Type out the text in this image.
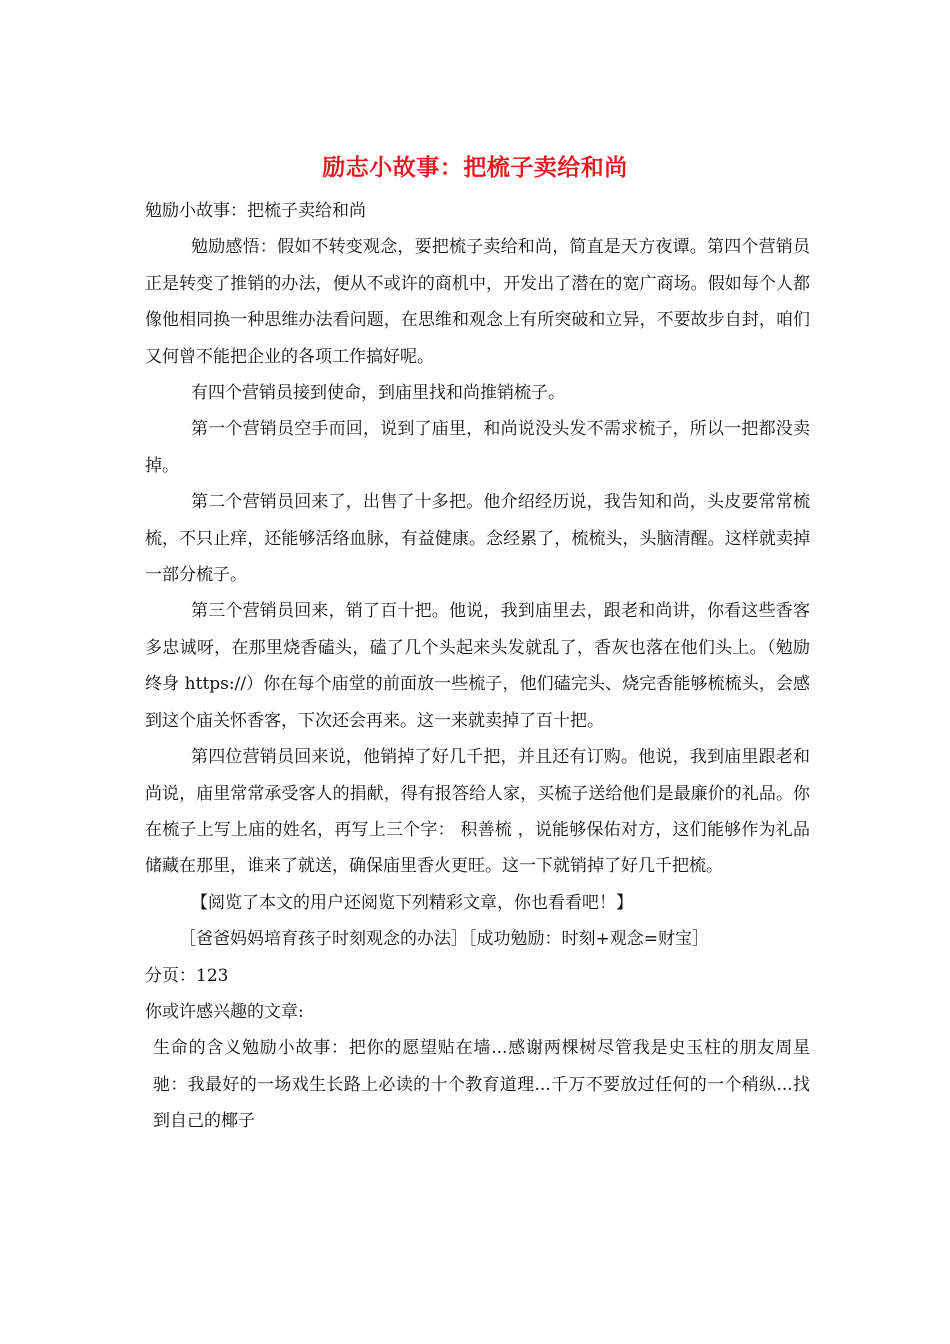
励志小故事：把梳子卖给和尚

勉励小故事：把梳子卖给和尚

勉励感悟：假如不转变观念，要把梳子卖给和尚，简直是天方夜谭。第四个营销员正是转变了推销的办法，便从不或许的商机中，开发出了潜在的宽广商场。假如每个人都像他相同换一种思维办法看问题，在思维和观念上有所突破和立异，不要故步自封，咱们又何曾不能把企业的各项工作搞好呢。

有四个营销员接到使命，到庙里找和尚推销梳子。

第一个营销员空手而回，说到了庙里，和尚说没头发不需求梳子，所以一把都没卖掉。

第二个营销员回来了，出售了十多把。他介绍经历说，我告知和尚，头皮要常常梳梳，不只止痒，还能够活络血脉，有益健康。念经累了，梳梳头，头脑清醒。这样就卖掉一部分梳子。

第三个营销员回来，销了百十把。他说，我到庙里去，跟老和尚讲，你看这些香客多忠诚呀，在那里烧香磕头，磕了几个头起来头发就乱了，香灰也落在他们头上。（勉励终身 https://）你在每个庙堂的前面放一些梳子，他们磕完头、烧完香能够梳梳头，会感到这个庙关怀香客，下次还会再来。这一来就卖掉了百十把。

第四位营销员回来说，他销掉了好几千把，并且还有订购。他说，我到庙里跟老和尚说，庙里常常承受客人的捐献，得有报答给人家，买梳子送给他们是最廉价的礼品。你在梳子上写上庙的姓名，再写上三个字： 积善梳 ，说能够保佑对方，这们能够作为礼品储藏在那里，谁来了就送，确保庙里香火更旺。这一下就销掉了好几千把梳。

【阅览了本文的用户还阅览下列精彩文章，你也看看吧！】

［爸爸妈妈培育孩子时刻观念的办法］［成功勉励：时刻+观念=财宝］

分页：123

你或许感兴趣的文章:

生命的含义勉励小故事：把你的愿望贴在墙...感谢两棵树尽管我是史玉柱的朋友周星驰：我最好的一场戏生长路上必读的十个教育道理...千万不要放过任何的一个稍纵...找到自己的椰子
